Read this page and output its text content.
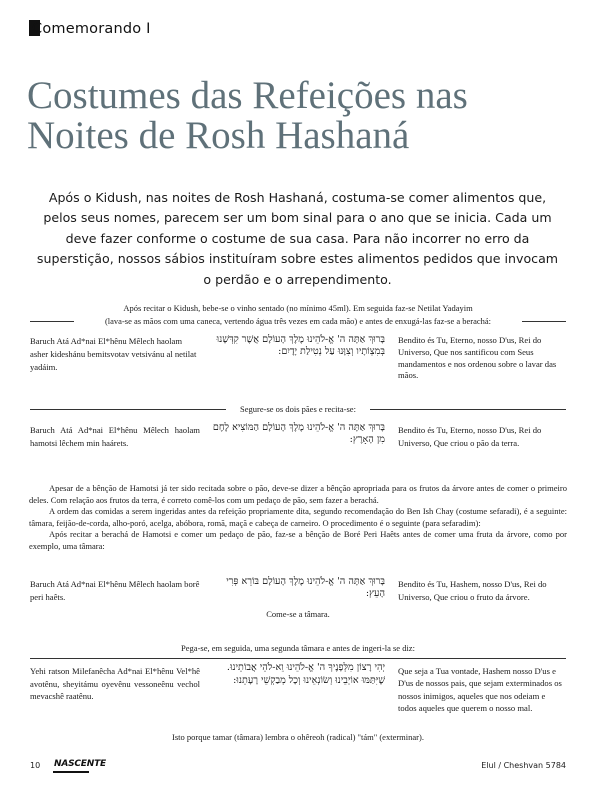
Comemorando I
Costumes das Refeições nas
Noites de Rosh Hashaná
Após o Kidush, nas noites de Rosh Hashaná, costuma-se comer alimentos que, pelos seus nomes, parecem ser um bom sinal para o ano que se inicia. Cada um deve fazer conforme o costume de sua casa. Para não incorrer no erro da superstição, nossos sábios instituíram sobre estes alimentos pedidos que invocam o perdão e o arrependimento.
Após recitar o Kidush, bebe-se o vinho sentado (no mínimo 45ml). Em seguida faz-se Netilat Yadayim
(lava-se as mãos com uma caneca, vertendo água três vezes em cada mão) e antes de enxugá-las faz-se a berachá:
Baruch Atá Ad*nai El*hênu Mêlech haolam asher kideshánu bemitsvotav vetsivánu al netilat yadáim.
בָּרוּךְ אַתָּה ה' אֱ-לֹהֵינוּ מֶלֶךְ הָעוֹלָם אֲשֶׁר קִדְּשָׁנוּ בְּמִצְוֹתָיו וְצִוָּנוּ עַל נְטִילַת יָדָיִם:
Bendito és Tu, Eterno, nosso D'us, Rei do Universo, Que nos santificou com Seus mandamentos e nos ordenou sobre o lavar das mãos.
Segure-se os dois pães e recita-se:
Baruch Atá Ad*nai El*hênu Mêlech haolam hamotsi lêchem min haárets.
בָּרוּךְ אַתָּה ה' אֱ-לֹהֵינוּ מֶלֶךְ הָעוֹלָם הַמּוֹצִיא לֶחֶם מִן הָאָרֶץ:
Bendito és Tu, Eterno, nosso D'us, Rei do Universo, Que criou o pão da terra.

Apesar de a bênção de Hamotsi já ter sido recitada sobre o pão, deve-se dizer a bênção apropriada para os frutos da árvore antes de comer o primeiro deles. Com relação aos frutos da terra, é correto comê-los com um pedaço de pão, sem fazer a berachá.

A ordem das comidas a serem ingeridas antes da refeição propriamente dita, segundo recomendação do Ben Ish Chay (costume sefaradi), é a seguinte: tâmara, feijão-de-corda, alho-poró, acelga, abóbora, romã, maçã e cabeça de carneiro. O procedimento é o seguinte (para sefaradim):

Após recitar a berachá de Hamotsi e comer um pedaço de pão, faz-se a bênção de Boré Peri Haêts antes de comer uma fruta da árvore, como por exemplo, uma tâmara:

Baruch Atá Ad*nai El*hênu Mêlech haolam borê peri haêts.
בָּרוּךְ אַתָּה ה' אֱ-לֹהֵינוּ מֶלֶךְ הָעוֹלָם בּוֹרֵא פְּרִי הָעֵץ:
Bendito és Tu, Hashem, nosso D'us, Rei do Universo, Que criou o fruto da árvore.
Come-se a tâmara.
Pega-se, em seguida, uma segunda tâmara e antes de ingeri-la se diz:
Yehi ratson Milefanêcha Ad*nai El*hênu Vel*hê avotênu, sheyitámu oyevênu vessoneênu vechol mevacshê raatênu.
יְהִי רָצוֹן מִלְּפָנֶיךָ ה' אֱ-לֹהֵינוּ וֵא-לֹהֵי אֲבוֹתֵינוּ. שֶׁיִּתַּמּוּ אוֹיְבֵינוּ וְשׂוֹנְאֵינוּ וְכָל מְבַקְשֵׁי רָעָתֵנוּ:
Que seja a Tua vontade, Hashem nosso D'us e D'us de nossos pais, que sejam exterminados os nossos inimigos, aqueles que nos odeiam e todos aqueles que querem o nosso mal.
Isto porque tamar (tâmara) lembra o ohêreoh (radical) "tám" (exterminar).
10 NASCENTE	Elul / Cheshvan 5784
